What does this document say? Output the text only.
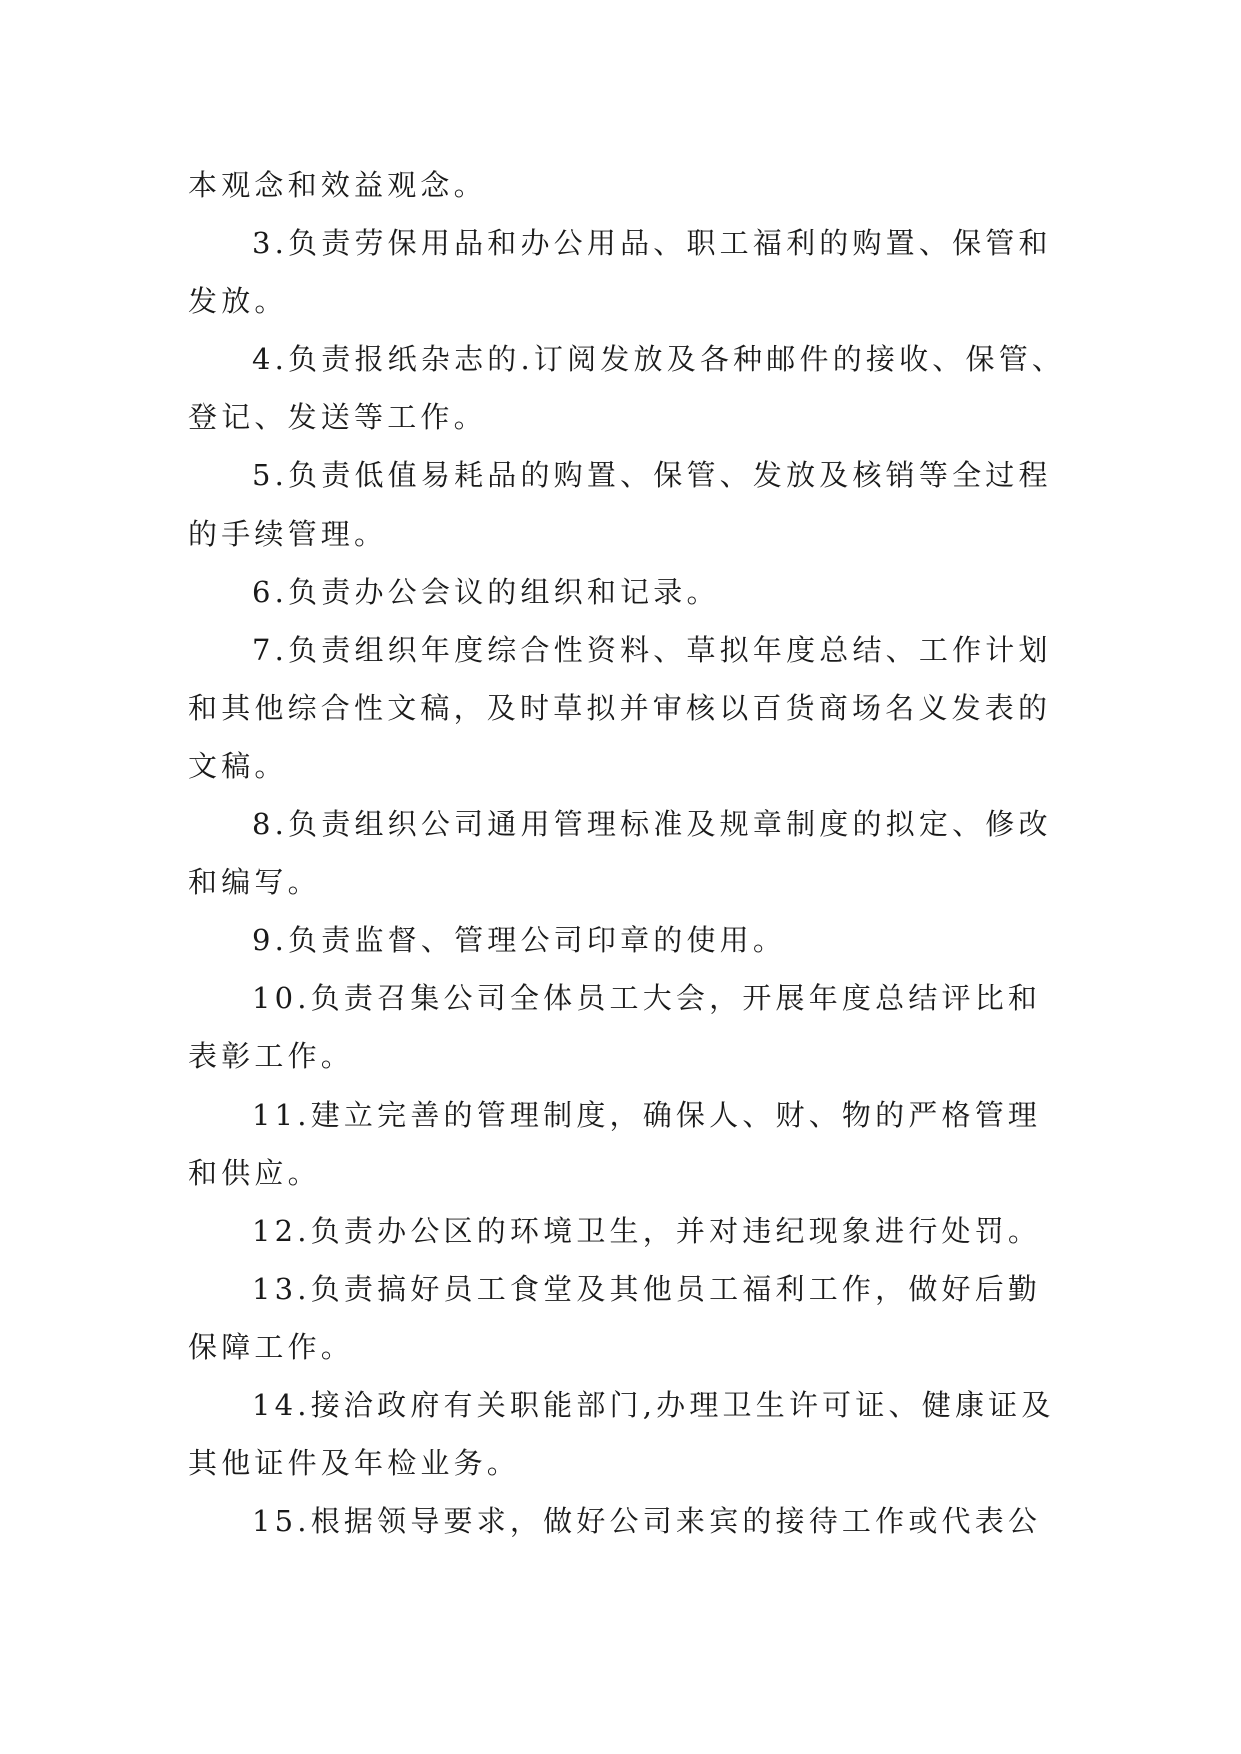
本观念和效益观念。
3.负责劳保用品和办公用品、职工福利的购置、保管和
发放。
4.负责报纸杂志的.订阅发放及各种邮件的接收、保管、
登记、发送等工作。
5.负责低值易耗品的购置、保管、发放及核销等全过程
的手续管理。
6.负责办公会议的组织和记录。
7.负责组织年度综合性资料、草拟年度总结、工作计划
和其他综合性文稿，及时草拟并审核以百货商场名义发表的
文稿。
8.负责组织公司通用管理标准及规章制度的拟定、修改
和编写。
9.负责监督、管理公司印章的使用。
10.负责召集公司全体员工大会，开展年度总结评比和
表彰工作。
11.建立完善的管理制度，确保人、财、物的严格管理
和供应。
12.负责办公区的环境卫生，并对违纪现象进行处罚。
13.负责搞好员工食堂及其他员工福利工作，做好后勤
保障工作。
14.接洽政府有关职能部门,办理卫生许可证、健康证及
其他证件及年检业务。
15.根据领导要求，做好公司来宾的接待工作或代表公
